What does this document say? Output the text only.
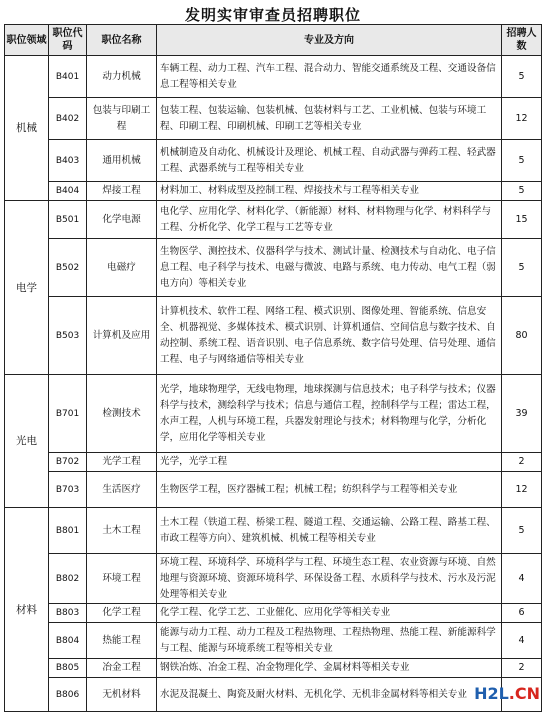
发明实审审查员招聘职位
职位领域	职位代码	职位名称	专业及方向	招聘人数
机械	B401	动力机械	车辆工程、动力工程、汽车工程、混合动力、智能交通系统及工程、交通设备信息工程等相关专业	5
	B402	包装与印刷工程	包装工程、包装运输、包装机械、包装材料与工艺、工业机械、包装与环境工程、印刷工程、印刷机械、印刷工艺等相关专业	12
	B403	通用机械	机械制造及自动化、机械设计及理论、机械工程、自动武器与弹药工程、轻武器工程、武器系统与工程等相关专业	5
	B404	焊接工程	材料加工、材料成型及控制工程、焊接技术与工程等相关专业	5
电学	B501	化学电源	电化学、应用化学、材料化学、（新能源）材料、材料物理与化学、材料科学与工程、分析化学、化学工程与工艺等专业	15
	B502	电磁疗	生物医学、测控技术、仪器科学与技术、测试计量、检测技术与自动化、电子信息工程、电子科学与技术、电磁与微波、电路与系统、电力传动、电气工程（弱电方向）等相关专业	5
	B503	计算机及应用	计算机技术、软件工程、网络工程、模式识别、图像处理、智能系统、信息安全、机器视觉、多媒体技术、模式识别、计算机通信、空间信息与数字技术、自动控制、系统工程、语音识别、电子信息系统、数字信号处理、信号处理、通信工程、电子与网络通信等相关专业	80
光电	B701	检测技术	光学，地球物理学，无线电物理，地球探测与信息技术；电子科学与技术；仪器科学与技术，测绘科学与技术；信息与通信工程，控制科学与工程；雷达工程，水声工程，人机与环境工程，兵器发射理论与技术；材料物理与化学，分析化学，应用化学等相关专业	39
	B702	光学工程	光学，光学工程	2
	B703	生活医疗	生物医学工程，医疗器械工程；机械工程；纺织科学与工程等相关专业	12
材料	B801	土木工程	土木工程（铁道工程、桥梁工程、隧道工程、交通运输、公路工程、路基工程、市政工程等方向）、建筑机械、机械工程等相关专业	5
	B802	环境工程	环境工程、环境科学、环境科学与工程、环境生态工程、农业资源与环境、自然地理与资源环境、资源环境科学、环保设备工程、水质科学与技术、污水及污泥处理等相关专业	4
	B803	化学工程	化学工程、化学工艺、工业催化、应用化学等相关专业	6
	B804	热能工程	能源与动力工程、动力工程及工程热物理、工程热物理、热能工程、新能源科学与工程、能源与环境系统工程等相关专业	4
	B805	冶金工程	钢铁冶炼、冶金工程、冶金物理化学、金属材料等相关专业	2
	B806	无机材料	水泥及混凝土、陶瓷及耐火材料、无机化学、无机非金属材料等相关专业	H2L.CN
